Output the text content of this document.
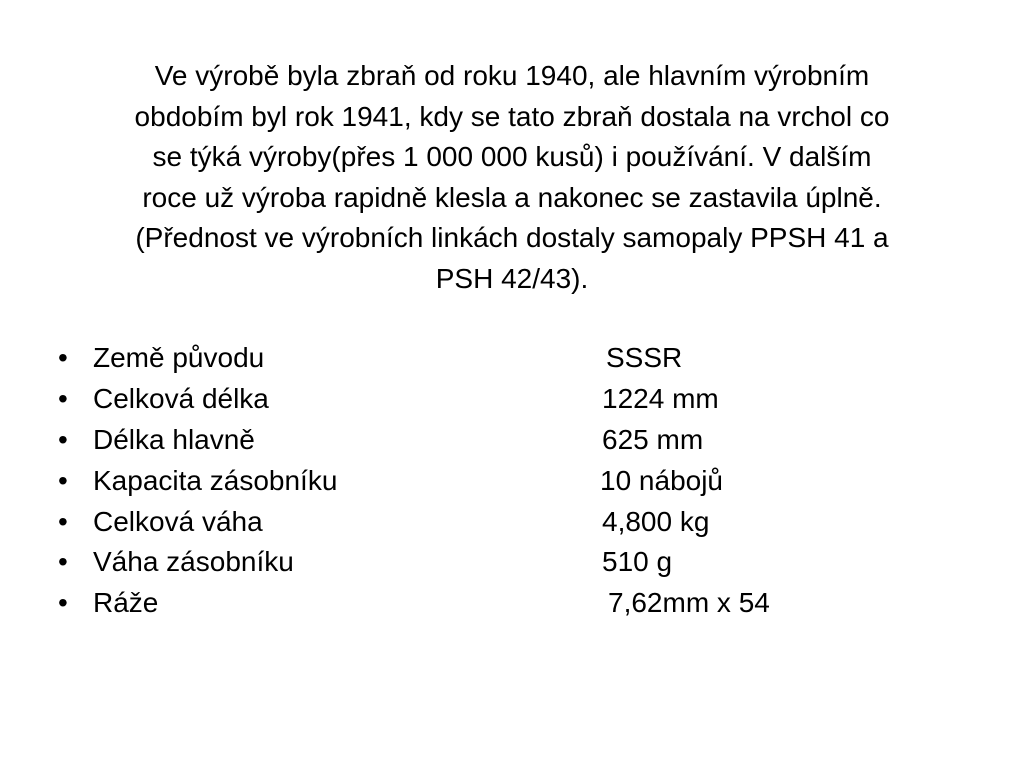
Ve výrobě byla zbraň od roku 1940, ale hlavním výrobním
obdobím byl rok 1941, kdy se tato zbraň dostala na vrchol co
se týká výroby(přes 1 000 000 kusů) i používání. V dalším
roce už výroba rapidně klesla a nakonec se zastavila úplně.
(Přednost ve výrobních linkách dostaly samopaly PPSH 41 a
PSH 42/43).

• Země původu	SSSR
• Celková délka	1224 mm
• Délka hlavně	625 mm
• Kapacita zásobníku	10 nábojů
• Celková váha	4,800 kg
• Váha zásobníku	510 g
• Ráže	7,62mm x 54
